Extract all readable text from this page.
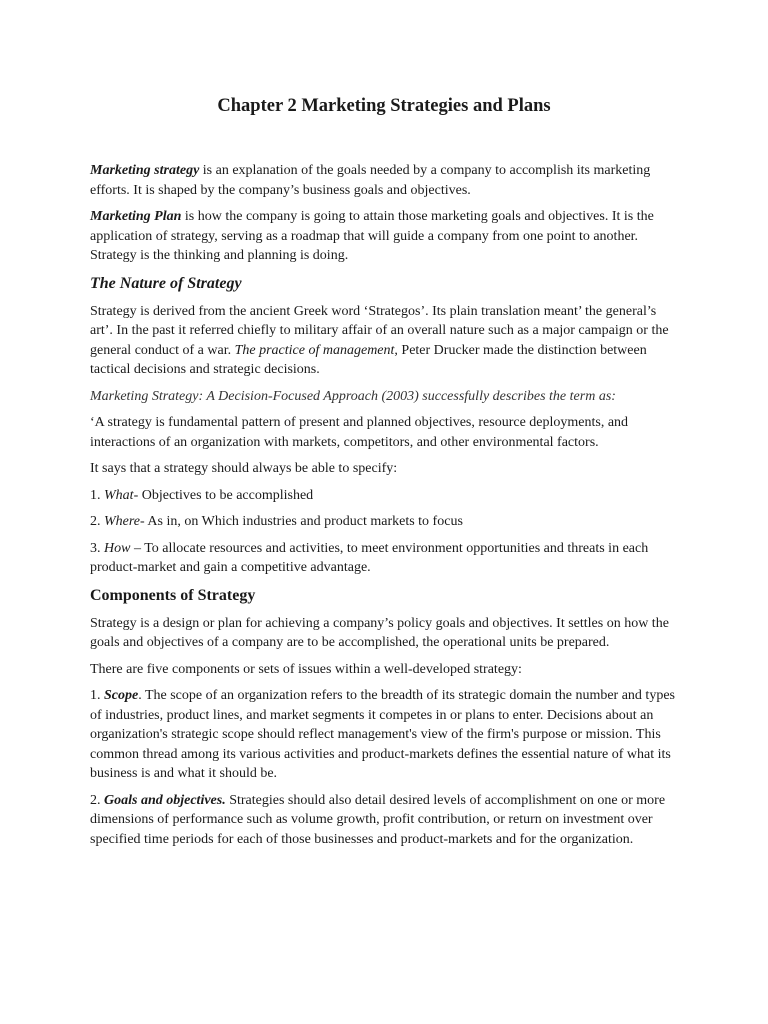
Chapter 2 Marketing Strategies and Plans

Marketing strategy is an explanation of the goals needed by a company to accomplish its marketing efforts. It is shaped by the company’s business goals and objectives.

Marketing Plan is how the company is going to attain those marketing goals and objectives. It is the application of strategy, serving as a roadmap that will guide a company from one point to another. Strategy is the thinking and planning is doing.

The Nature of Strategy

Strategy is derived from the ancient Greek word ‘Strategos’. Its plain translation meant’ the general’s art’. In the past it referred chiefly to military affair of an overall nature such as a major campaign or the general conduct of a war. The practice of management, Peter Drucker made the distinction between tactical decisions and strategic decisions.

Marketing Strategy: A Decision-Focused Approach (2003) successfully describes the term as:

‘A strategy is fundamental pattern of present and planned objectives, resource deployments, and interactions of an organization with markets, competitors, and other environmental factors.

It says that a strategy should always be able to specify:

1. What- Objectives to be accomplished

2. Where- As in, on Which industries and product markets to focus

3. How – To allocate resources and activities, to meet environment opportunities and threats in each product-market and gain a competitive advantage.

Components of Strategy

Strategy is a design or plan for achieving a company’s policy goals and objectives. It settles on how the goals and objectives of a company are to be accomplished, the operational units be prepared.

There are five components or sets of issues within a well-developed strategy:

1. Scope. The scope of an organization refers to the breadth of its strategic domain the number and types of industries, product lines, and market segments it competes in or plans to enter. Decisions about an organization's strategic scope should reflect management's view of the firm's purpose or mission. This common thread among its various activities and product-markets defines the essential nature of what its business is and what it should be.

2. Goals and objectives. Strategies should also detail desired levels of accomplishment on one or more dimensions of performance such as volume growth, profit contribution, or return on investment over specified time periods for each of those businesses and product-markets and for the organization.
